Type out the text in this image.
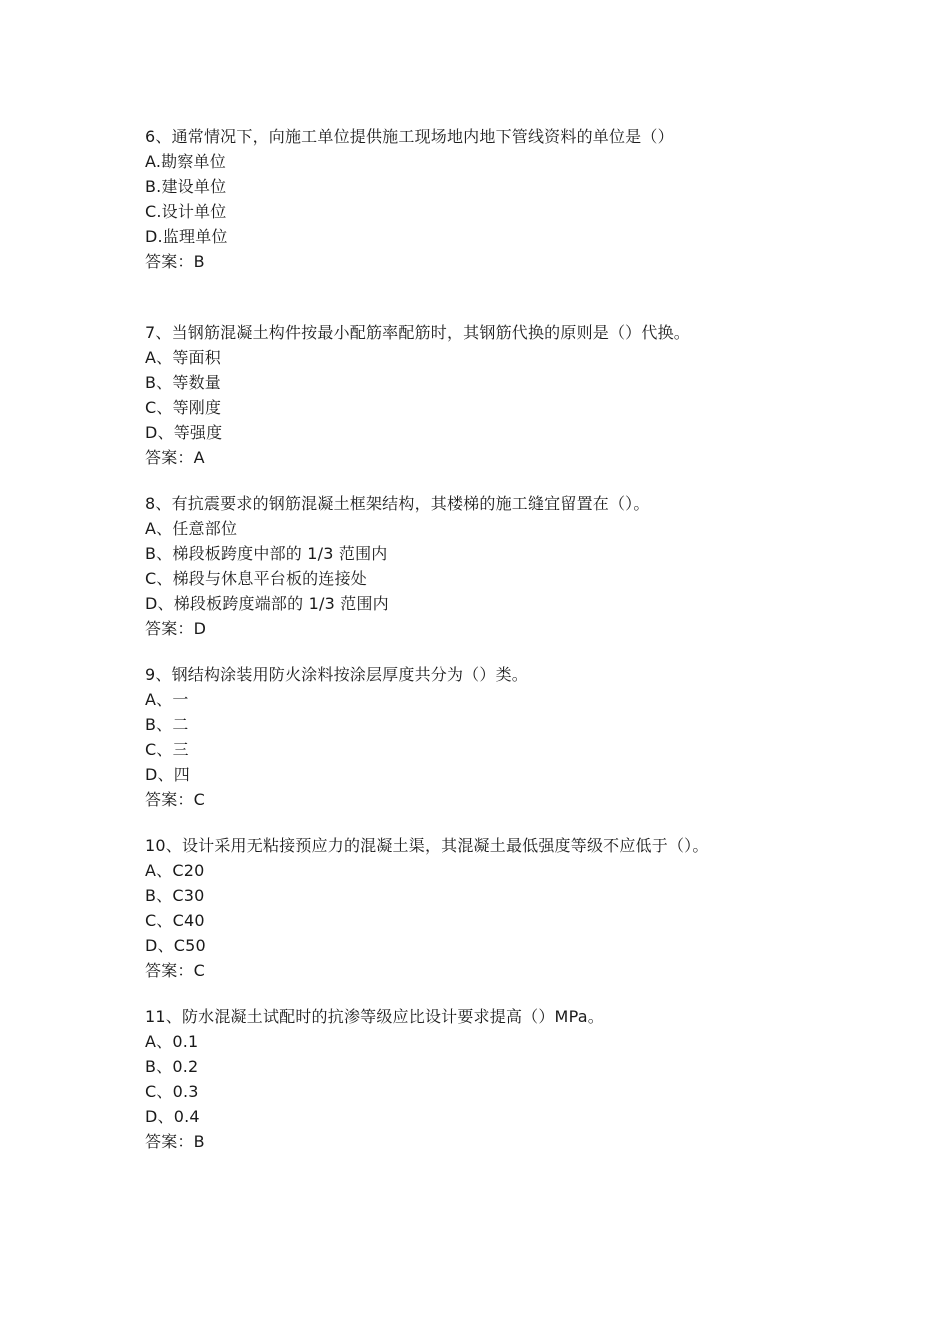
6、通常情况下，向施工单位提供施工现场地内地下管线资料的单位是（）
A.勘察单位
B.建设单位
C.设计单位
D.监理单位
答案：B
7、当钢筋混凝土构件按最小配筋率配筋时，其钢筋代换的原则是（）代换。
A、等面积
B、等数量
C、等刚度
D、等强度
答案：A
8、有抗震要求的钢筋混凝土框架结构，其楼梯的施工缝宜留置在（）。
A、任意部位
B、梯段板跨度中部的 1/3 范围内
C、梯段与休息平台板的连接处
D、梯段板跨度端部的 1/3 范围内
答案：D
9、钢结构涂装用防火涂料按涂层厚度共分为（）类。
A、一
B、二
C、三
D、四
答案：C
10、设计采用无粘接预应力的混凝土渠，其混凝土最低强度等级不应低于（）。
A、C20
B、C30
C、C40
D、C50
答案：C
11、防水混凝土试配时的抗渗等级应比设计要求提高（）MPa。
A、0.1
B、0.2
C、0.3
D、0.4
答案：B
